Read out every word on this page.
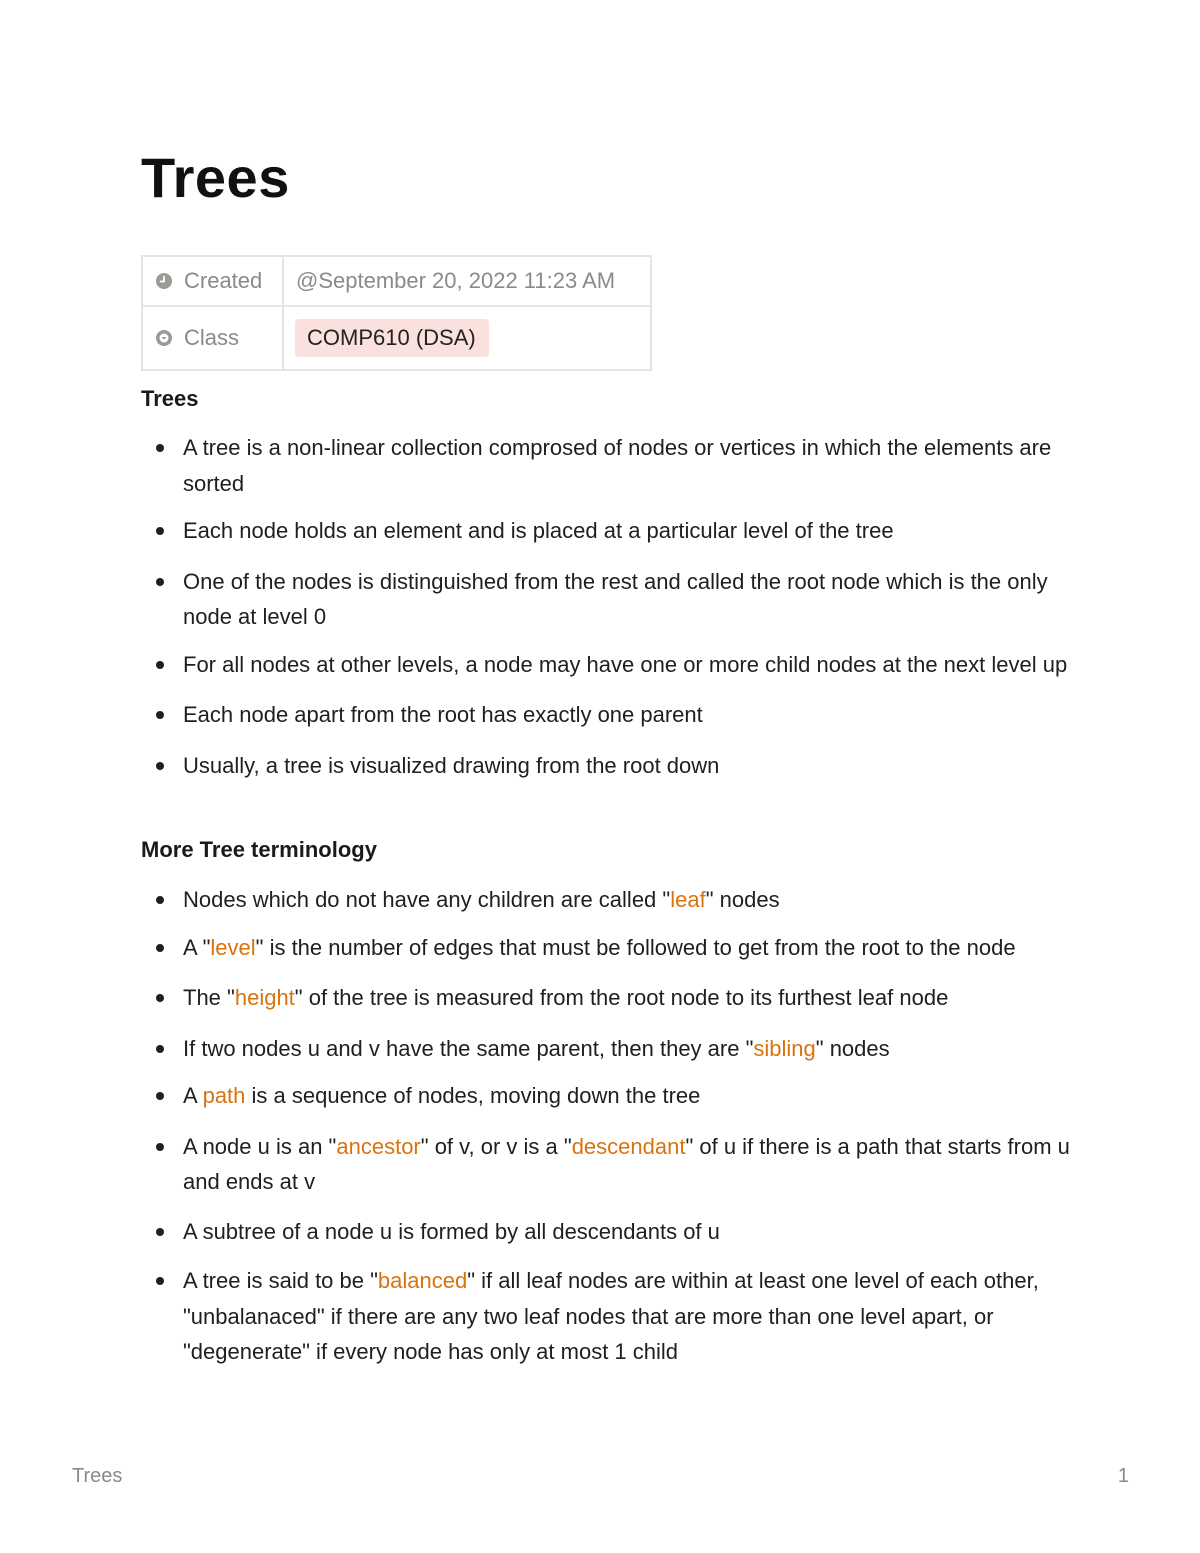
Trees
Created	@September 20, 2022 11:23 AM
Class	COMP610 (DSA)
Trees
A tree is a non-linear collection comprosed of nodes or vertices in which the elements are sorted
Each node holds an element and is placed at a particular level of the tree
One of the nodes is distinguished from the rest and called the root node which is the only node at level 0
For all nodes at other levels, a node may have one or more child nodes at the next level up
Each node apart from the root has exactly one parent
Usually, a tree is visualized drawing from the root down
More Tree terminology
Nodes which do not have any children are called "leaf" nodes
A "level" is the number of edges that must be followed to get from the root to the node
The "height" of the tree is measured from the root node to its furthest leaf node
If two nodes u and v have the same parent, then they are "sibling" nodes
A path is a sequence of nodes, moving down the tree
A node u is an "ancestor" of v, or v is a "descendant" of u if there is a path that starts from u and ends at v
A subtree of a node u is formed by all descendants of u
A tree is said to be "balanced" if all leaf nodes are within at least one level of each other, "unbalanaced" if there are any two leaf nodes that are more than one level apart, or "degenerate" if every node has only at most 1 child
Trees	1
